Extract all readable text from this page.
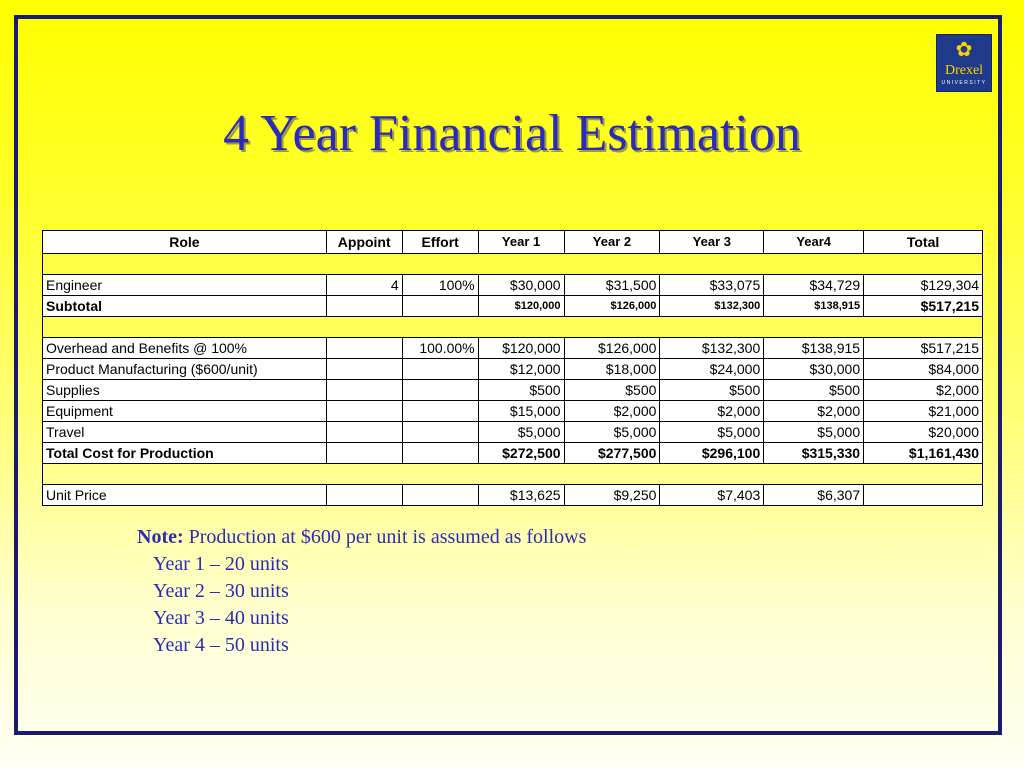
✿
Drexel
UNIVERSITY
4 Year Financial Estimation
Role	Appoint	Effort	Year 1	Year 2	Year 3	Year4	Total

Engineer	4	100%	$30,000	$31,500	$33,075	$34,729	$129,304
Subtotal			$120,000	$126,000	$132,300	$138,915	$517,215

Overhead and Benefits @ 100%		100.00%	$120,000	$126,000	$132,300	$138,915	$517,215
Product Manufacturing ($600/unit)			$12,000	$18,000	$24,000	$30,000	$84,000
Supplies			$500	$500	$500	$500	$2,000
Equipment			$15,000	$2,000	$2,000	$2,000	$21,000
Travel			$5,000	$5,000	$5,000	$5,000	$20,000
Total Cost for Production			$272,500	$277,500	$296,100	$315,330	$1,161,430

Unit Price			$13,625	$9,250	$7,403	$6,307	
Note: Production at $600 per unit is assumed as follows
Year 1 – 20 units
Year 2 – 30 units
Year 3 – 40 units
Year 4 – 50 units
